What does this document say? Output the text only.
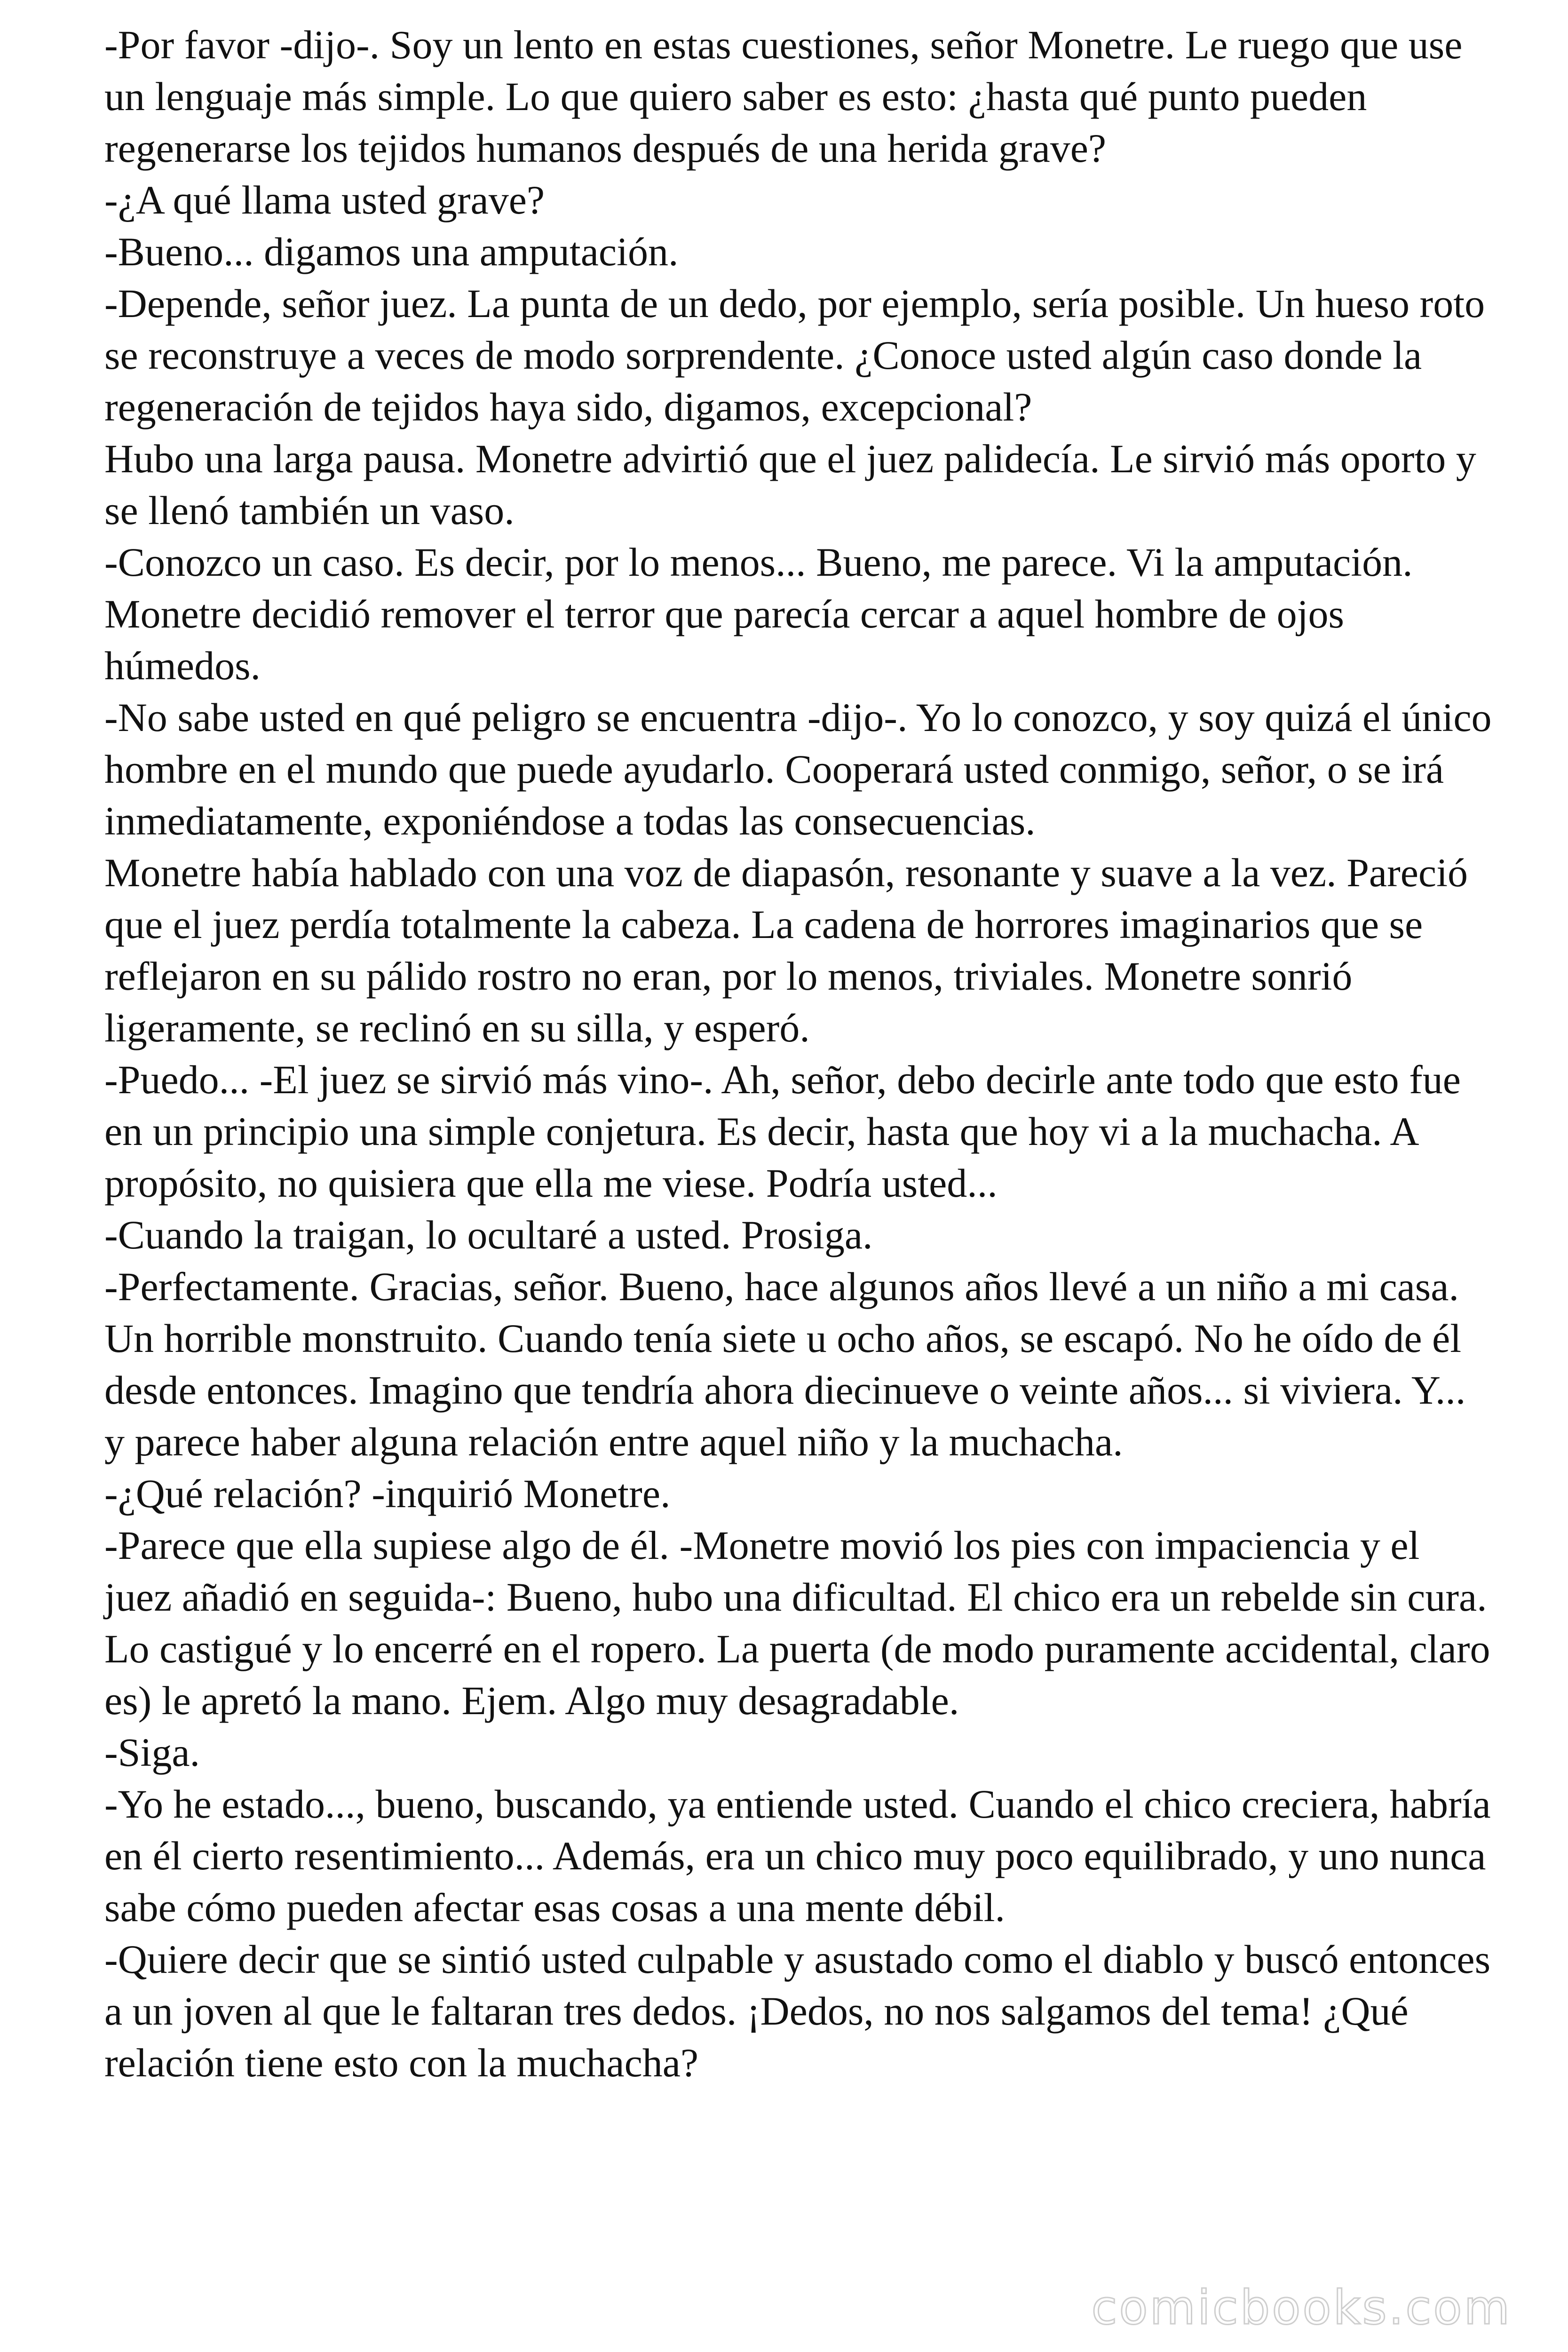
-Por favor -dijo-. Soy un lento en estas cuestiones, señor Monetre. Le ruego que use un lenguaje más simple. Lo que quiero saber es esto: ¿hasta qué punto pueden regenerarse los tejidos humanos después de una herida grave?

-¿A qué llama usted grave?

-Bueno... digamos una amputación.

-Depende, señor juez. La punta de un dedo, por ejemplo, sería posible. Un hueso roto se reconstruye a veces de modo sorprendente. ¿Conoce usted algún caso donde la regeneración de tejidos haya sido, digamos, excepcional?

Hubo una larga pausa. Monetre advirtió que el juez palidecía. Le sirvió más oporto y se llenó también un vaso.

-Conozco un caso. Es decir, por lo menos... Bueno, me parece. Vi la amputación.

Monetre decidió remover el terror que parecía cercar a aquel hombre de ojos húmedos.

-No sabe usted en qué peligro se encuentra -dijo-. Yo lo conozco, y soy quizá el único hombre en el mundo que puede ayudarlo. Cooperará usted conmigo, señor, o se irá inmediatamente, exponiéndose a todas las consecuencias.

Monetre había hablado con una voz de diapasón, resonante y suave a la vez. Pareció que el juez perdía totalmente la cabeza. La cadena de horrores imaginarios que se reflejaron en su pálido rostro no eran, por lo menos, triviales. Monetre sonrió ligeramente, se reclinó en su silla, y esperó.

-Puedo... -El juez se sirvió más vino-. Ah, señor, debo decirle ante todo que esto fue en un principio una simple conjetura. Es decir, hasta que hoy vi a la muchacha. A propósito, no quisiera que ella me viese. Podría usted...

-Cuando la traigan, lo ocultaré a usted. Prosiga.

-Perfectamente. Gracias, señor. Bueno, hace algunos años llevé a un niño a mi casa. Un horrible monstruito. Cuando tenía siete u ocho años, se escapó. No he oído de él desde entonces. Imagino que tendría ahora diecinueve o veinte años... si viviera. Y... y parece haber alguna relación entre aquel niño y la muchacha.

-¿Qué relación? -inquirió Monetre.

-Parece que ella supiese algo de él. -Monetre movió los pies con impaciencia y el juez añadió en seguida-: Bueno, hubo una dificultad. El chico era un rebelde sin cura. Lo castigué y lo encerré en el ropero. La puerta (de modo puramente accidental, claro es) le apretó la mano. Ejem. Algo muy desagradable.

-Siga.

-Yo he estado..., bueno, buscando, ya entiende usted. Cuando el chico creciera, habría en él cierto resentimiento... Además, era un chico muy poco equilibrado, y uno nunca sabe cómo pueden afectar esas cosas a una mente débil.

-Quiere decir que se sintió usted culpable y asustado como el diablo y buscó entonces a un joven al que le faltaran tres dedos. ¡Dedos, no nos salgamos del tema! ¿Qué relación tiene esto con la muchacha?

comicbooks.com
